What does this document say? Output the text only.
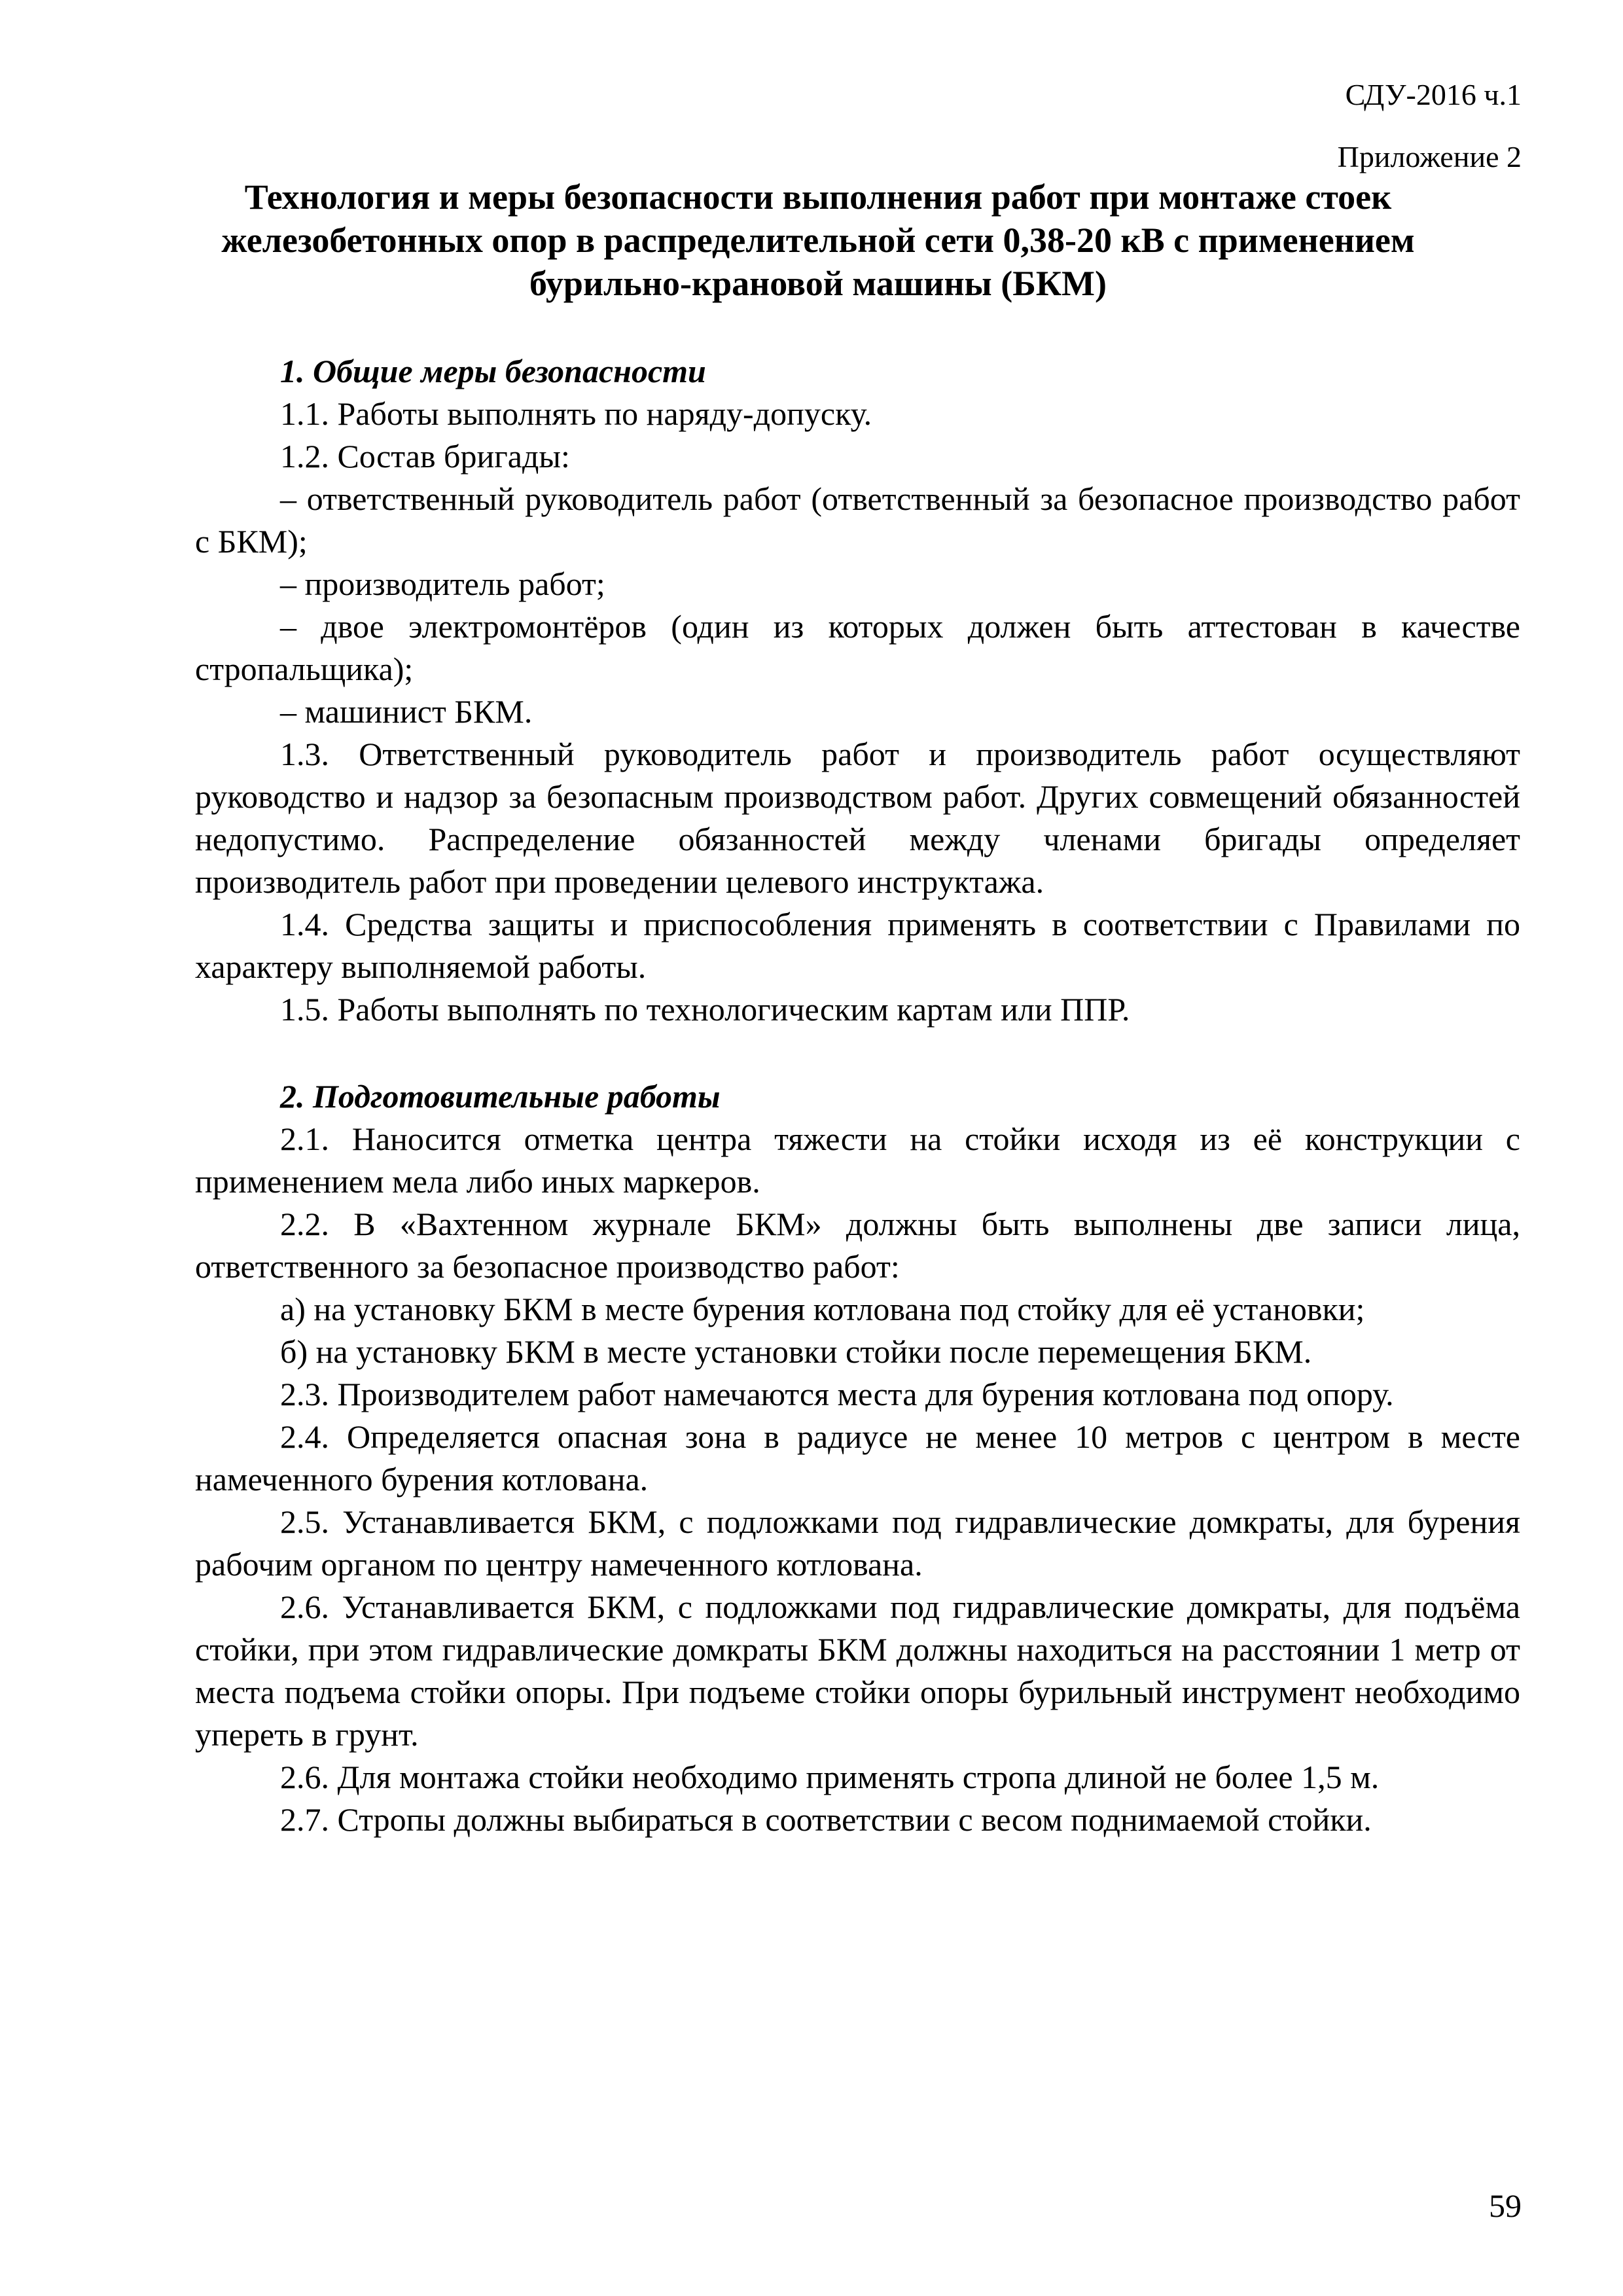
СДУ-2016 ч.1
Приложение 2
Технология и меры безопасности выполнения работ при монтаже стоек железобетонных опор в распределительной сети 0,38-20 кВ с применением бурильно-крановой машины (БКМ)
1. Общие меры безопасности

1.1. Работы выполнять по наряду-допуску.

1.2. Состав бригады:

– ответственный руководитель работ (ответственный за безопасное производство работ с БКМ);

– производитель работ;

– двое электромонтёров (один из которых должен быть аттестован в качестве стропальщика);

– машинист БКМ.

1.3. Ответственный руководитель работ и производитель работ осуществляют руководство и надзор за безопасным производством работ. Других совмещений обязанностей недопустимо. Распределение обязанностей между членами бригады определяет производитель работ при проведении целевого инструктажа.

1.4. Средства защиты и приспособления применять в соответствии с Правилами по характеру выполняемой работы.

1.5. Работы выполнять по технологическим картам или ППР.

2. Подготовительные работы

2.1. Наносится отметка центра тяжести на стойки исходя из её конструкции с применением мела либо иных маркеров.

2.2. В «Вахтенном журнале БКМ» должны быть выполнены две записи лица, ответственного за безопасное производство работ:

а) на установку БКМ в месте бурения котлована под стойку для её установки;

б) на установку БКМ в месте установки стойки после перемещения БКМ.

2.3. Производителем работ намечаются места для бурения котлована под опору.

2.4. Определяется опасная зона в радиусе не менее 10 метров с центром в месте намеченного бурения котлована.

2.5. Устанавливается БКМ, с подложками под гидравлические домкраты, для бурения рабочим органом по центру намеченного котлована.

2.6. Устанавливается БКМ, с подложками под гидравлические домкраты, для подъёма стойки, при этом гидравлические домкраты БКМ должны находиться на расстоянии 1 метр от места подъема стойки опоры. При подъеме стойки опоры бурильный инструмент необходимо упереть в грунт.

2.6. Для монтажа стойки необходимо применять стропа длиной не более 1,5 м.

2.7. Стропы должны выбираться в соответствии с весом поднимаемой стойки.

59
